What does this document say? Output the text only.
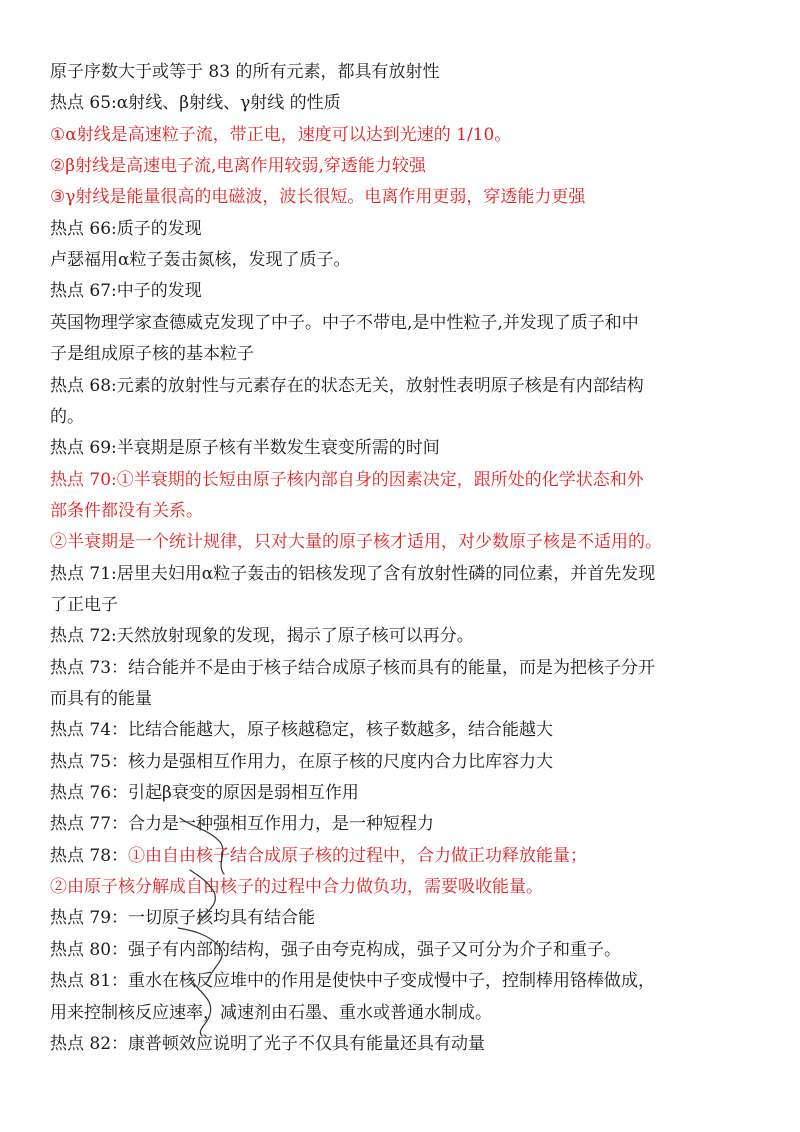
原子序数大于或等于 83 的所有元素，都具有放射性
热点 65:α射线、β射线、γ射线 的性质
①α射线是高速粒子流，带正电，速度可以达到光速的 1/10。
②β射线是高速电子流,电离作用较弱,穿透能力较强
③γ射线是能量很高的电磁波，波长很短。电离作用更弱，穿透能力更强
热点 66:质子的发现
卢瑟福用α粒子轰击氮核，发现了质子。
热点 67:中子的发现
英国物理学家查德威克发现了中子。中子不带电,是中性粒子,并发现了质子和中
子是组成原子核的基本粒子
热点 68:元素的放射性与元素存在的状态无关，放射性表明原子核是有内部结构
的。
热点 69:半衰期是原子核有半数发生衰变所需的时间
热点 70:①半衰期的长短由原子核内部自身的因素决定，跟所处的化学状态和外
部条件都没有关系。
②半衰期是一个统计规律，只对大量的原子核才适用，对少数原子核是不适用的。
热点 71:居里夫妇用α粒子轰击的铝核发现了含有放射性磷的同位素，并首先发现
了正电子
热点 72:天然放射现象的发现，揭示了原子核可以再分。
热点 73：结合能并不是由于核子结合成原子核而具有的能量，而是为把核子分开
而具有的能量
热点 74：比结合能越大，原子核越稳定，核子数越多，结合能越大
热点 75：核力是强相互作用力，在原子核的尺度内合力比库容力大
热点 76：引起β衰变的原因是弱相互作用
热点 77：合力是一种强相互作用力，是一种短程力
热点 78：①由自由核子结合成原子核的过程中，合力做正功释放能量；
②由原子核分解成自由核子的过程中合力做负功，需要吸收能量。
热点 79：一切原子核均具有结合能
热点 80：强子有内部的结构，强子由夸克构成，强子又可分为介子和重子。
热点 81：重水在核反应堆中的作用是使快中子变成慢中子，控制棒用铬棒做成，
用来控制核反应速率，减速剂由石墨、重水或普通水制成。
热点 82：康普顿效应说明了光子不仅具有能量还具有动量
